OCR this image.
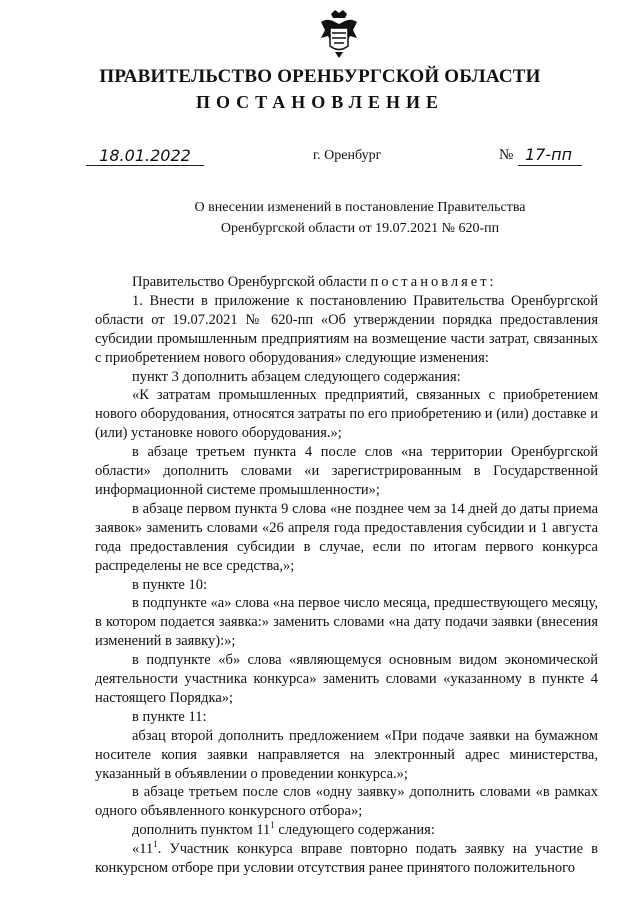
ПРАВИТЕЛЬСТВО ОРЕНБУРГСКОЙ ОБЛАСТИ
ПОСТАНОВЛЕНИЕ
18.01.2022	г. Оренбург	№ 17-пп
О внесении изменений в постановление Правительства
Оренбургской области от 19.07.2021 № 620-пп

Правительство Оренбургской области постановляет:

1. Внести в приложение к постановлению Правительства Оренбургской области от 19.07.2021 № 620-пп «Об утверждении порядка предоставления субсидии промышленным предприятиям на возмещение части затрат, связанных с приобретением нового оборудования» следующие изменения:

пункт 3 дополнить абзацем следующего содержания:

«К затратам промышленных предприятий, связанных с приобретением нового оборудования, относятся затраты по его приобретению и (или) доставке и (или) установке нового оборудования.»;

в абзаце третьем пункта 4 после слов «на территории Оренбургской области» дополнить словами «и зарегистрированным в Государственной информационной системе промышленности»;

в абзаце первом пункта 9 слова «не позднее чем за 14 дней до даты приема заявок» заменить словами «26 апреля года предоставления субсидии и 1 августа года предоставления субсидии в случае, если по итогам первого конкурса распределены не все средства,»;

в пункте 10:

в подпункте «а» слова «на первое число месяца, предшествующего месяцу, в котором подается заявка:» заменить словами «на дату подачи заявки (внесения изменений в заявку):»;

в подпункте «б» слова «являющемуся основным видом экономической деятельности участника конкурса» заменить словами «указанному в пункте 4 настоящего Порядка»;

в пункте 11:

абзац второй дополнить предложением «При подаче заявки на бумажном носителе копия заявки направляется на электронный адрес министерства, указанный в объявлении о проведении конкурса.»;

в абзаце третьем после слов «одну заявку» дополнить словами «в рамках одного объявленного конкурсного отбора»;

дополнить пунктом $11^1$ следующего содержания:

«$11^1$. Участник конкурса вправе повторно подать заявку на участие в конкурсном отборе при условии отсутствия ранее принятого положительного
